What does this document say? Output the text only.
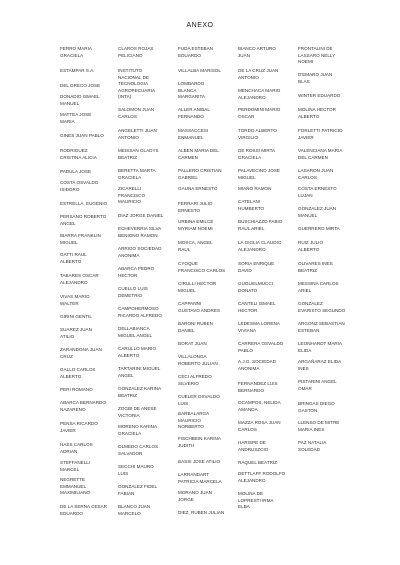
ANEXO
FERRO MARIA
GRACIELA
ESTAMPAR S.A.
DEL GRECO JOSE
DONADIO ISMAEL
MANUEL
MATTEA JOSE
MARIA
GINES JUAN PABLO
RODRIGUEZ
CRISTINA ALICIA
PADULA JOSE
COSTA OSVALDO
ISIDORO
ESTRELLA, EUGENIO
PERSANO ROBERTO
ANGEL
IBARRA FRANKLIN
MIGUEL
GATTI RAUL
ALBERTO
TABARES OSCAR
ALEJANDRO
VIVAS MARIO
WALTER
GIRINI GENTIL
SUAREZ JUAN
ATILIO
ZARANDONA JUAN
CRUZ
GALLO CARLOS
ALBERTO
PERI ROMANO
ABARCA BERNARDO
NAZARENO
PENSA RICARDO
JAVIER
HASS CARLOS
ADRIAN
STEFFANELLI
MARCEL
NEGRETTE
EMMANUEL
MAXIMILIANO
DE LA SERNA CESAR
EDUARDO
CLAROS ROJAS
PELICIANO
INSTITUTO
NACIONAL DE
TECNOLOGIA
AGROPECUARIA
(INTA)
SALOMON JUAN
CARLOS
ANGELETTI JUAN
ANTONIO
MEISSAN GLADYS
BEATRIZ
BERETTA MARTA
GRACIELA
ZICARELLI
FRANCISCO
MAURICIO
DIAZ JORGE DANIEL
ECHEVERRIA SILVA
BENIGNO RAMON
ARRIGO SOCIEDAD
ANONIMA
ABARCA PEDRO
HECTOR
CUELLO LUIS
DEMETRIO
CAMPOHERMOSO
RICARDO ALFREDO
DELLABIANCA
MIGUEL ANGEL
CARULLO MARIO
ALBERTO
TARTARINI MIGUEL
ANGEL
GONZALEZ KARINA
BEATRIZ
ZOGBI DE ANESE
VICTORIA
MORENO KARINA
GRACIELA
OLMEDO CARLOS
SALVADOR
SECCHI MAURO
LUIS
GONZALEZ FIDEL
FABIAN
BLANCO JUAN
MARCELO
FUDA ESTEBAN
EDUARDO
VILLALBA MARISOL
LOMBARDO
BLANCA
MARGARITA
ALLER ANIBAL
FERNANDO
MASSACCESI
ENMANUEL
ALBEN MARIA DEL
CARMEN
PALLERO CRISTIAN
GABRIEL
GAUNA ERNESTO
FERRARI JULIO
ERNESTO
URBINA EMILCE
MYRIAM NOEMI
MOSCA, ANGEL
RAUL
CYOQUE
FRANCISCO CARLOS
CIRULLI HECTOR
MIGUEL
CAPPANNI
GUSTAVO ANDRES
BARONI RUBEN
DANIEL
BORAT JUAN
VILLALONGA
ROBERTO JULIAN
CECI ALFREDO
SILVERIO
CUELER OSVALDO
LUIS
BARBALARGA
MAURICIO
NORBERTO
FISCHBEIN KARINA
JUDITH
BASSI JOSE ATILIO
LARRANDART
PATRICIA MARCELA
MORANO JUAN
JORGE
DIEZ, RUBEN JULIAN
BIANCO ARTURO
JUAN
DE LA CRUZ JUAN
ANTONIO
MENCHACA MARIO
ALEJANDRO
PERDOMINI MARIO
OSCAR
TORDO ALBERTO
VIRGILIO
DE ROSSI MIRTA
GRACIELA
PALAVECINO JOSE
MIGUEL
MIAÑO RAMON
CATELANI
HUMBERTO
BUSCHIAZZO FABIO
RAUL ARIEL
LA GIGLIA CLAUDIO
ALEJANDRO
SORIA ENRIQUE
DAVID
GUGLIELMUCCI
DONATO
CANTELI ISMAEL
HECTOR
LEDESMA LORENA
VIVIANA
CARRERA OSVALDO
PABLO
A.J.G. SOCIEDAD
ANONIMA
FERNANDEZ LUIS
BERNARDO
OCAMPOS, NELIDA
AMANDA
MAZZA ROSA JUAN
CARLOS
HARISPE DE
ANDRUSZCIO
RAQUEL BEATRIZ
DETTLAFF RODOLFO
ALEJANDRO
MOLINA DE
LOPRESTI IRMA
ELBA
FRONTALINI DE
LASSARO NELLY
NOEMI
D'EMARO JUAN
BLAS
WINTER EDUARDO
MOLINA HECTOR
ALBERTO
FORLETTI PATRICIO
JAVIER
VALENCIANA MARIA
DEL CARMEN
LASARON JUAN
CARLOS
COSTA ERNESTO
LUJAN
GONZALEZ JUAN
MANUEL
GUERRERO MIRTA
RUIZ JULIO
ALBERTO
OLIVARES INES
BEATRIZ
MESSINA CARLOS
ARIEL
GONZALEZ
EVARISTO SEGUNDO
ARGONZ SEBASTIAN
ESTEBAN
LEONHARDT MARIA
ELIDA
ARGAÑARAZ ELIDA
INES
PISTARINI ANGEL
OMAR
BRINGAS DIEGO
GASTON
LLENSO DE MITRE
MARIA INES
PAZ NATALIA
SOLEDAD
